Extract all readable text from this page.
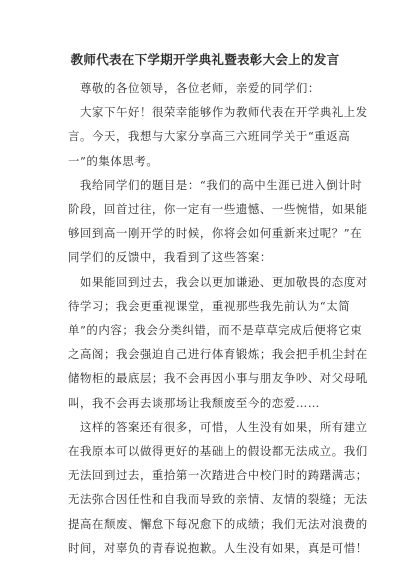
教师代表在下学期开学典礼暨表彰大会上的发言
尊敬的各位领导，各位老师，亲爱的同学们：
大家下午好！很荣幸能够作为教师代表在开学典礼上发
言。今天，我想与大家分享高三六班同学关于“重返高
一”的集体思考。
我给同学们的题目是：“我们的高中生涯已进入倒计时
阶段，回首过往，你一定有一些遗憾、一些惋惜，如果能
够回到高一刚开学的时候，你将会如何重新来过呢？”在
同学们的反馈中，我看到了这些答案：
如果能回到过去，我会以更加谦逊、更加敬畏的态度对
待学习；我会更重视课堂，重视那些我先前认为“太简
单”的内容；我会分类纠错，而不是草草完成后便将它束
之高阁；我会强迫自己进行体育锻炼；我会把手机尘封在
储物柜的最底层；我不会再因小事与朋友争吵、对父母吼
叫，我不会再去谈那场让我颓废至今的恋爱……
这样的答案还有很多，可惜，人生没有如果，所有建立
在我原本可以做得更好的基础上的假设都无法成立。我们
无法回到过去，重拾第一次踏进合中校门时的踌躇满志；
无法弥合因任性和自我而导致的亲情、友情的裂缝；无法
提高在颓废、懈怠下每况愈下的成绩；我们无法对浪费的
时间，对辜负的青春说抱歉。人生没有如果，真是可惜！
